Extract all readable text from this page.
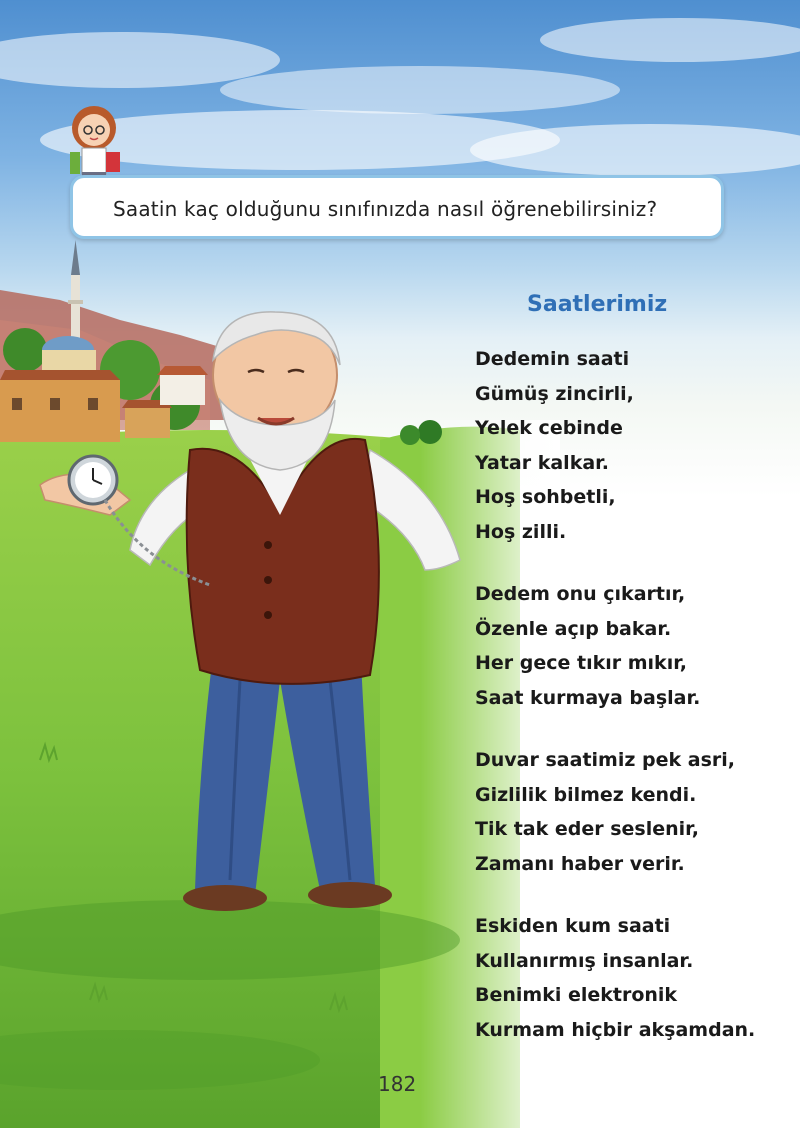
Saatin kaç olduğunu sınıfınızda nasıl öğrenebilirsiniz?
Saatlerimiz
Dedemin saati
Gümüş zincirli,
Yelek cebinde
Yatar kalkar.
Hoş sohbetli,
Hoş zilli.
Dedem onu çıkartır,
Özenle açıp bakar.
Her gece tıkır mıkır,
Saat kurmaya başlar.
Duvar saatimiz pek asri,
Gizlilik bilmez kendi.
Tik tak eder seslenir,
Zamanı haber verir.
Eskiden kum saati
Kullanırmış insanlar.
Benimki elektronik
Kurmam hiçbir akşamdan.
182
